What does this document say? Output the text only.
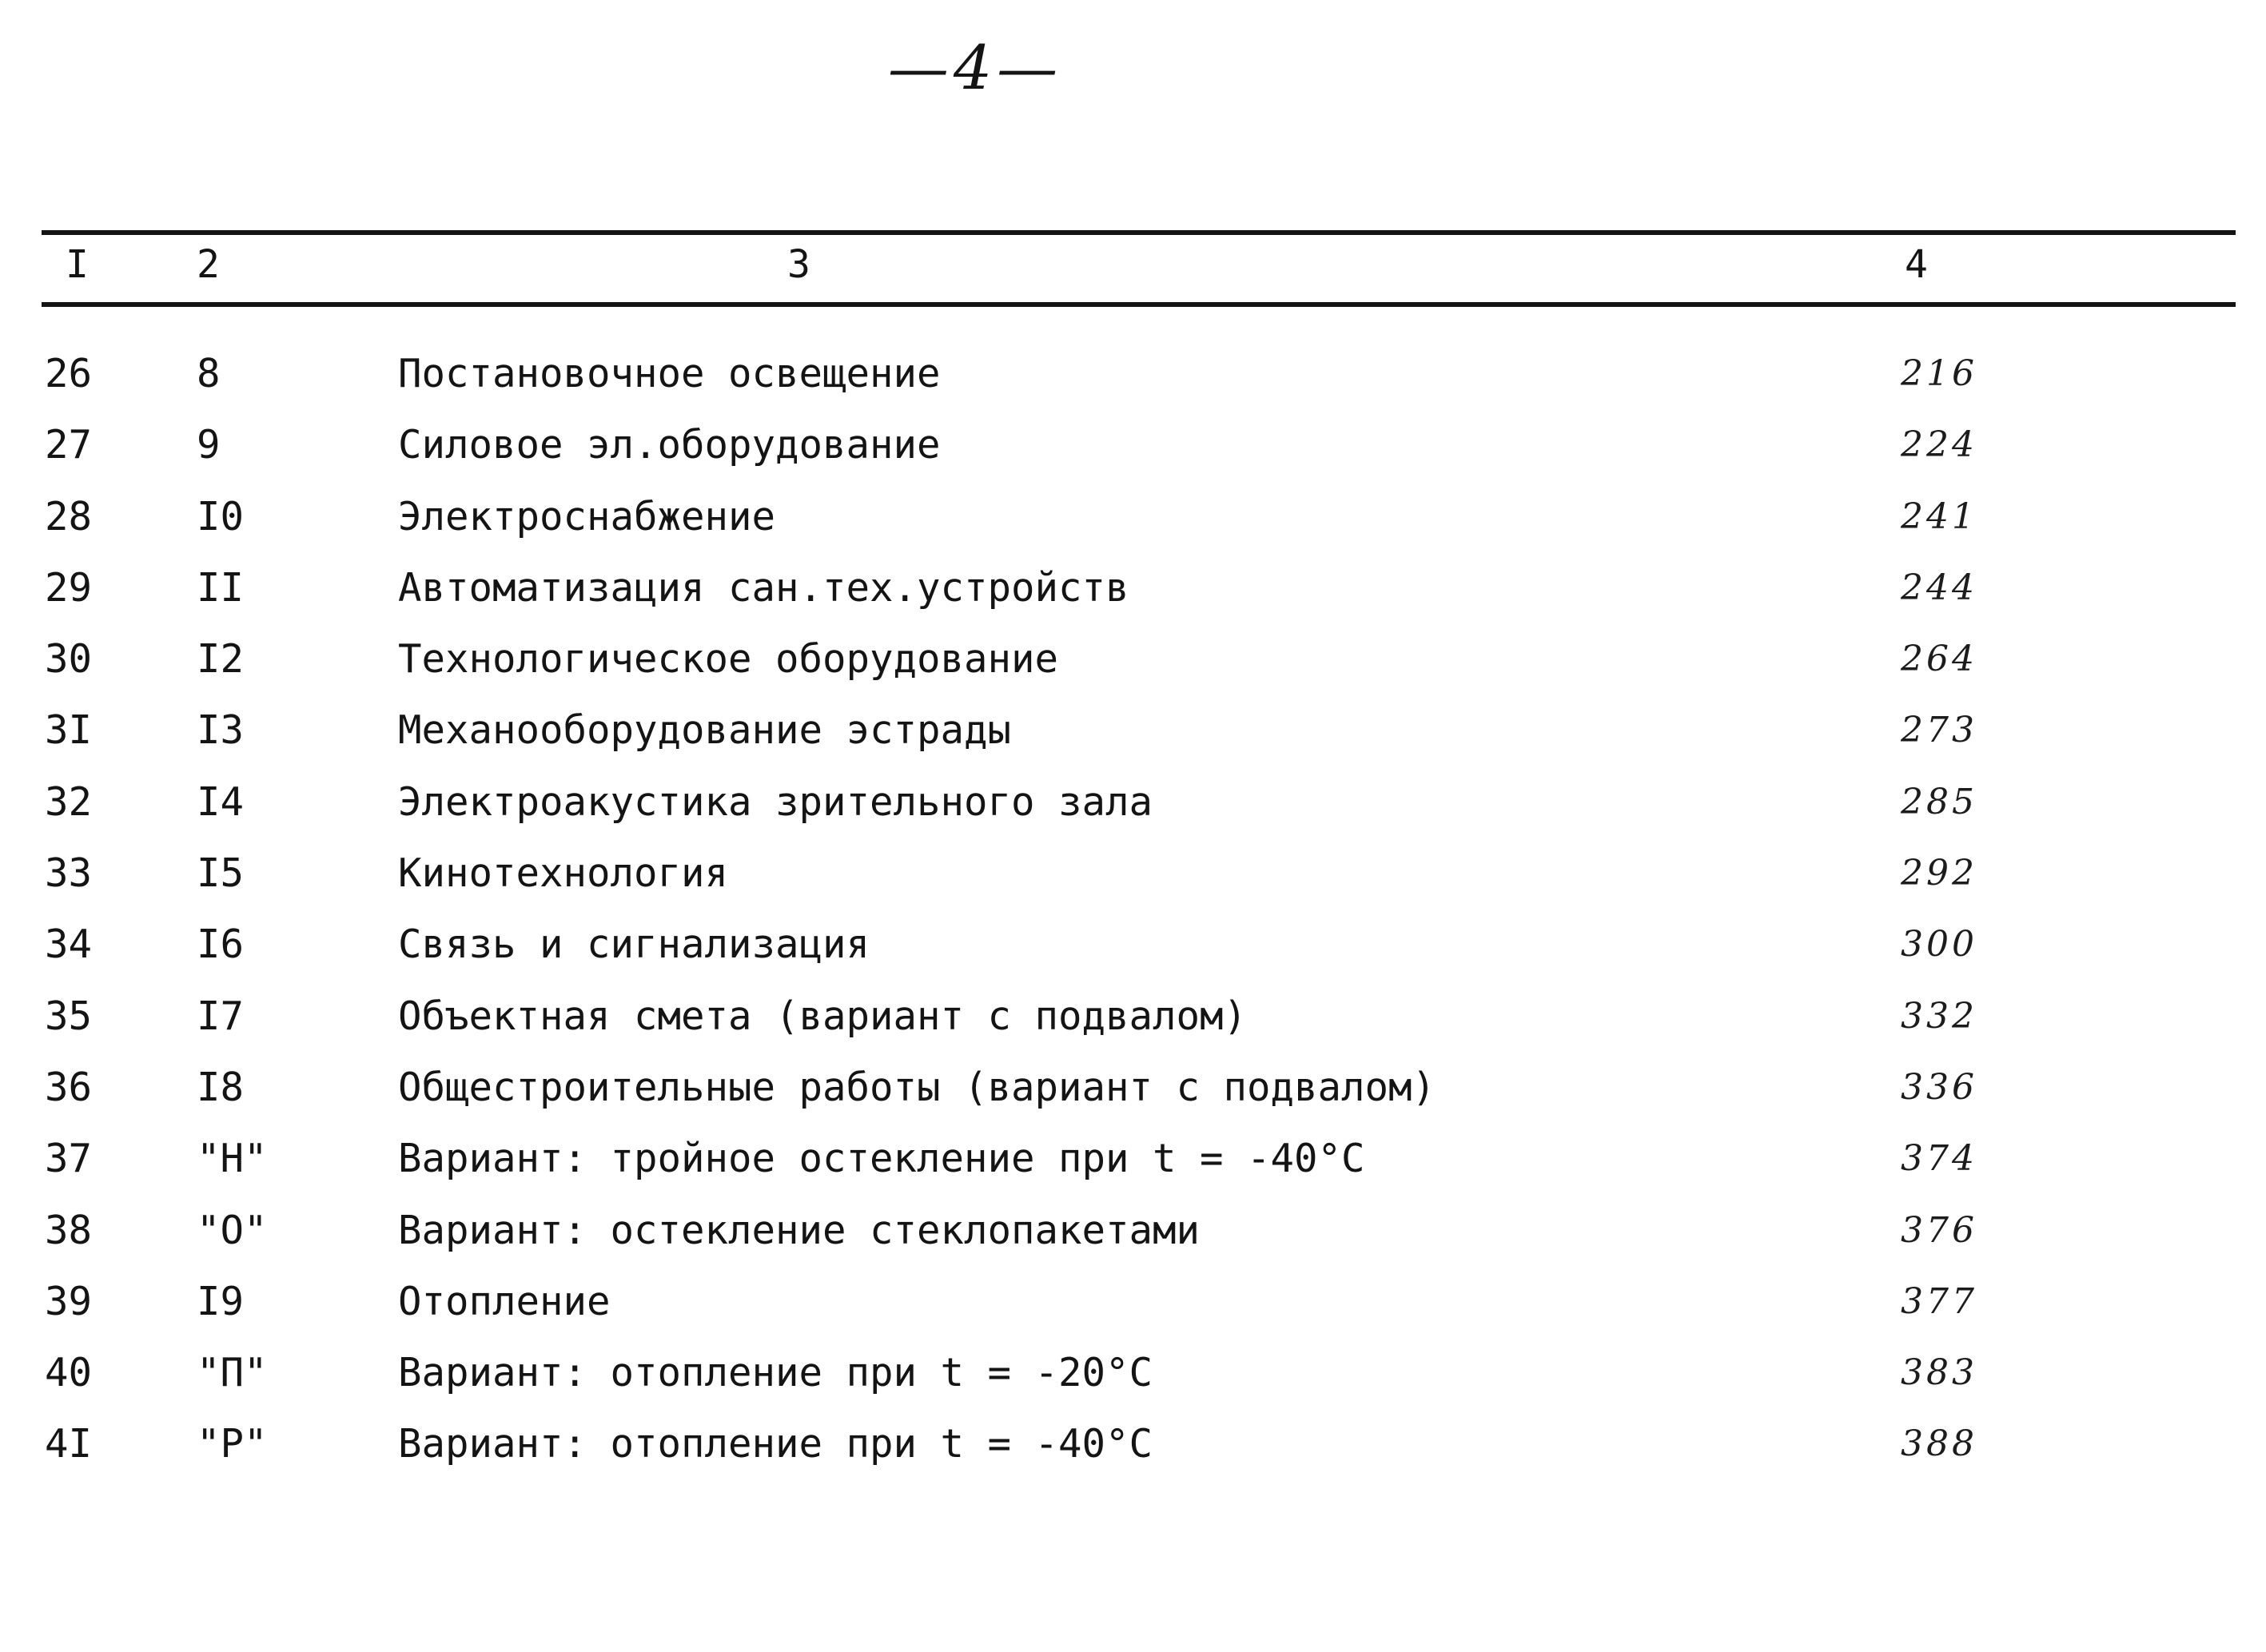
—4—
I	2	3	4
26	8	Постановочное освещение	216
27	9	Силовое эл.оборудование	224
28	I0	Электроснабжение	241
29	II	Автоматизация сан.тех.устройств	244
30	I2	Технологическое оборудование	264
3I	I3	Механооборудование эстрады	273
32	I4	Электроакустика зрительного зала	285
33	I5	Кинотехнология	292
34	I6	Связь и сигнализация	300
35	I7	Объектная смета (вариант с подвалом)	332
36	I8	Общестроительные работы (вариант с подвалом)	336
37	"Н"	Вариант: тройное остекление при t = -40°C	374
38	"О"	Вариант: остекление стеклопакетами	376
39	I9	Отопление	377
40	"П"	Вариант: отопление при t = -20°C	383
4I	"Р"	Вариант: отопление при t = -40°C	388
